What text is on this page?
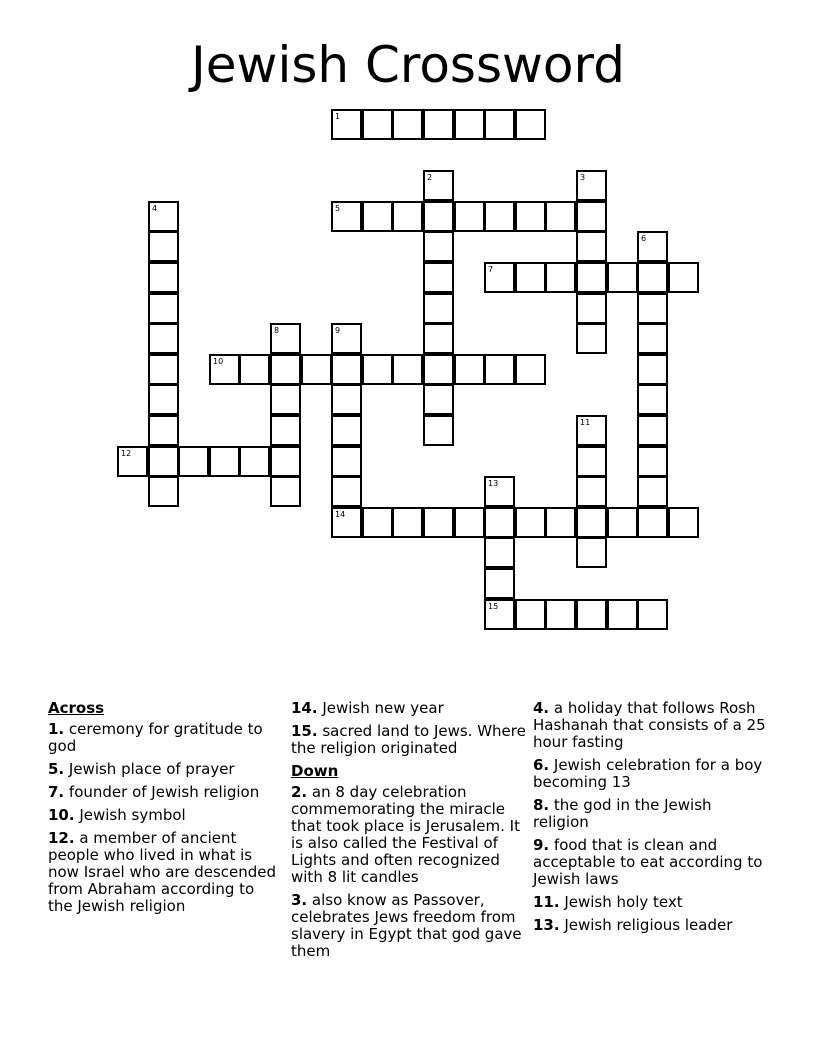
Jewish Crossword
1
2	3
4	5
6
7
8	9
10
11
12
13
15
14
Across
1. ceremony for gratitude to god
5. Jewish place of prayer
7. founder of Jewish religion
10. Jewish symbol
12. a member of ancient people who lived in what is now Israel who are descended from Abraham according to the Jewish religion
14. Jewish new year
15. sacred land to Jews. Where the religion originated
Down
2. an 8 day celebration commemorating the miracle that took place is Jerusalem. It is also called the Festival of Lights and often recognized with 8 lit candles
3. also know as Passover, celebrates Jews freedom from slavery in Egypt that god gave them
4. a holiday that follows Rosh Hashanah that consists of a 25 hour fasting
6. Jewish celebration for a boy becoming 13
8. the god in the Jewish religion
9. food that is clean and acceptable to eat according to Jewish laws
11. Jewish holy text
13. Jewish religious leader
